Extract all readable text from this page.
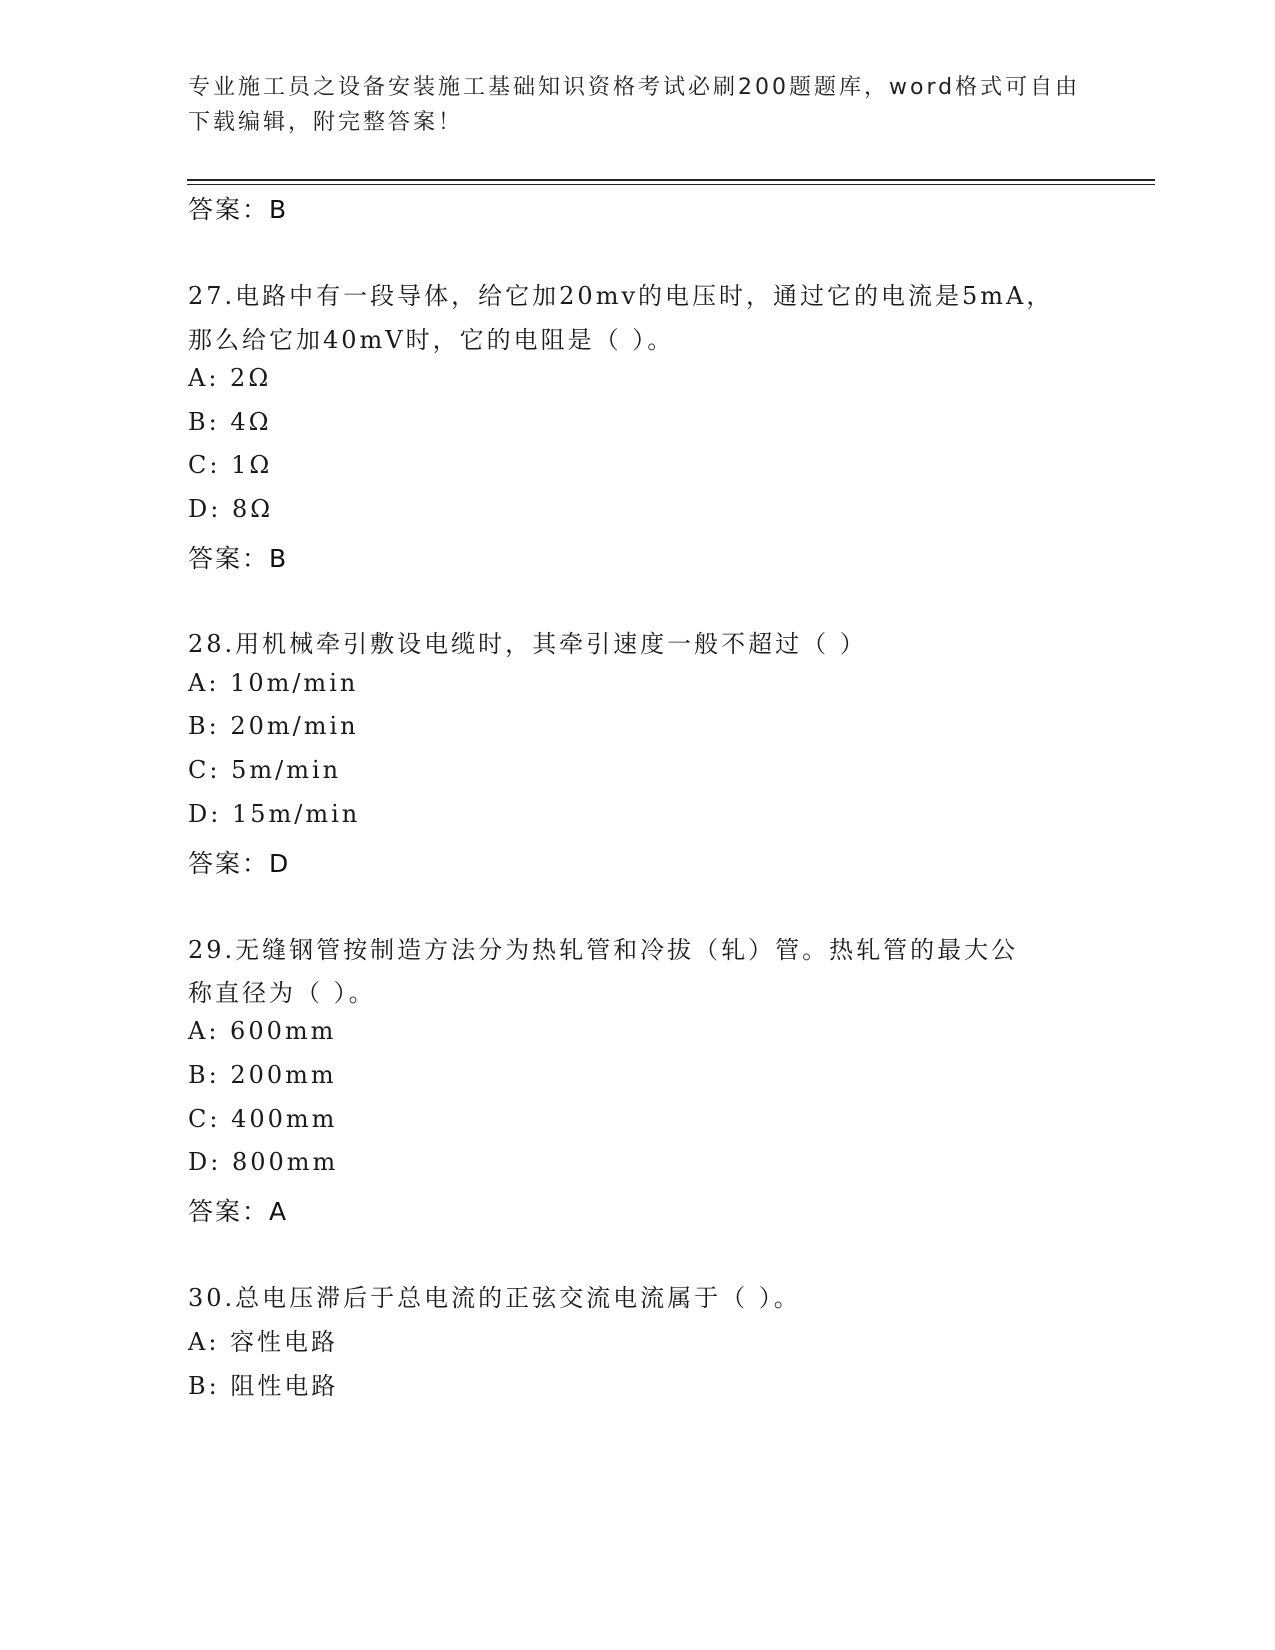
专业施工员之设备安装施工基础知识资格考试必刷200题题库，word格式可自由
下载编辑，附完整答案！
答案：B
27.电路中有一段导体，给它加20mv的电压时，通过它的电流是5mA，
那么给它加40mV时，它的电阻是（ ）。
A: 2Ω
B: 4Ω
C: 1Ω
D: 8Ω
答案：B
28.用机械牵引敷设电缆时，其牵引速度一般不超过（ ）
A: 10m/min
B: 20m/min
C: 5m/min
D: 15m/min
答案：D
29.无缝钢管按制造方法分为热轧管和冷拔（轧）管。热轧管的最大公
称直径为（ ）。
A: 600mm
B: 200mm
C: 400mm
D: 800mm
答案：A
30.总电压滞后于总电流的正弦交流电流属于（ ）。
A: 容性电路
B: 阻性电路
